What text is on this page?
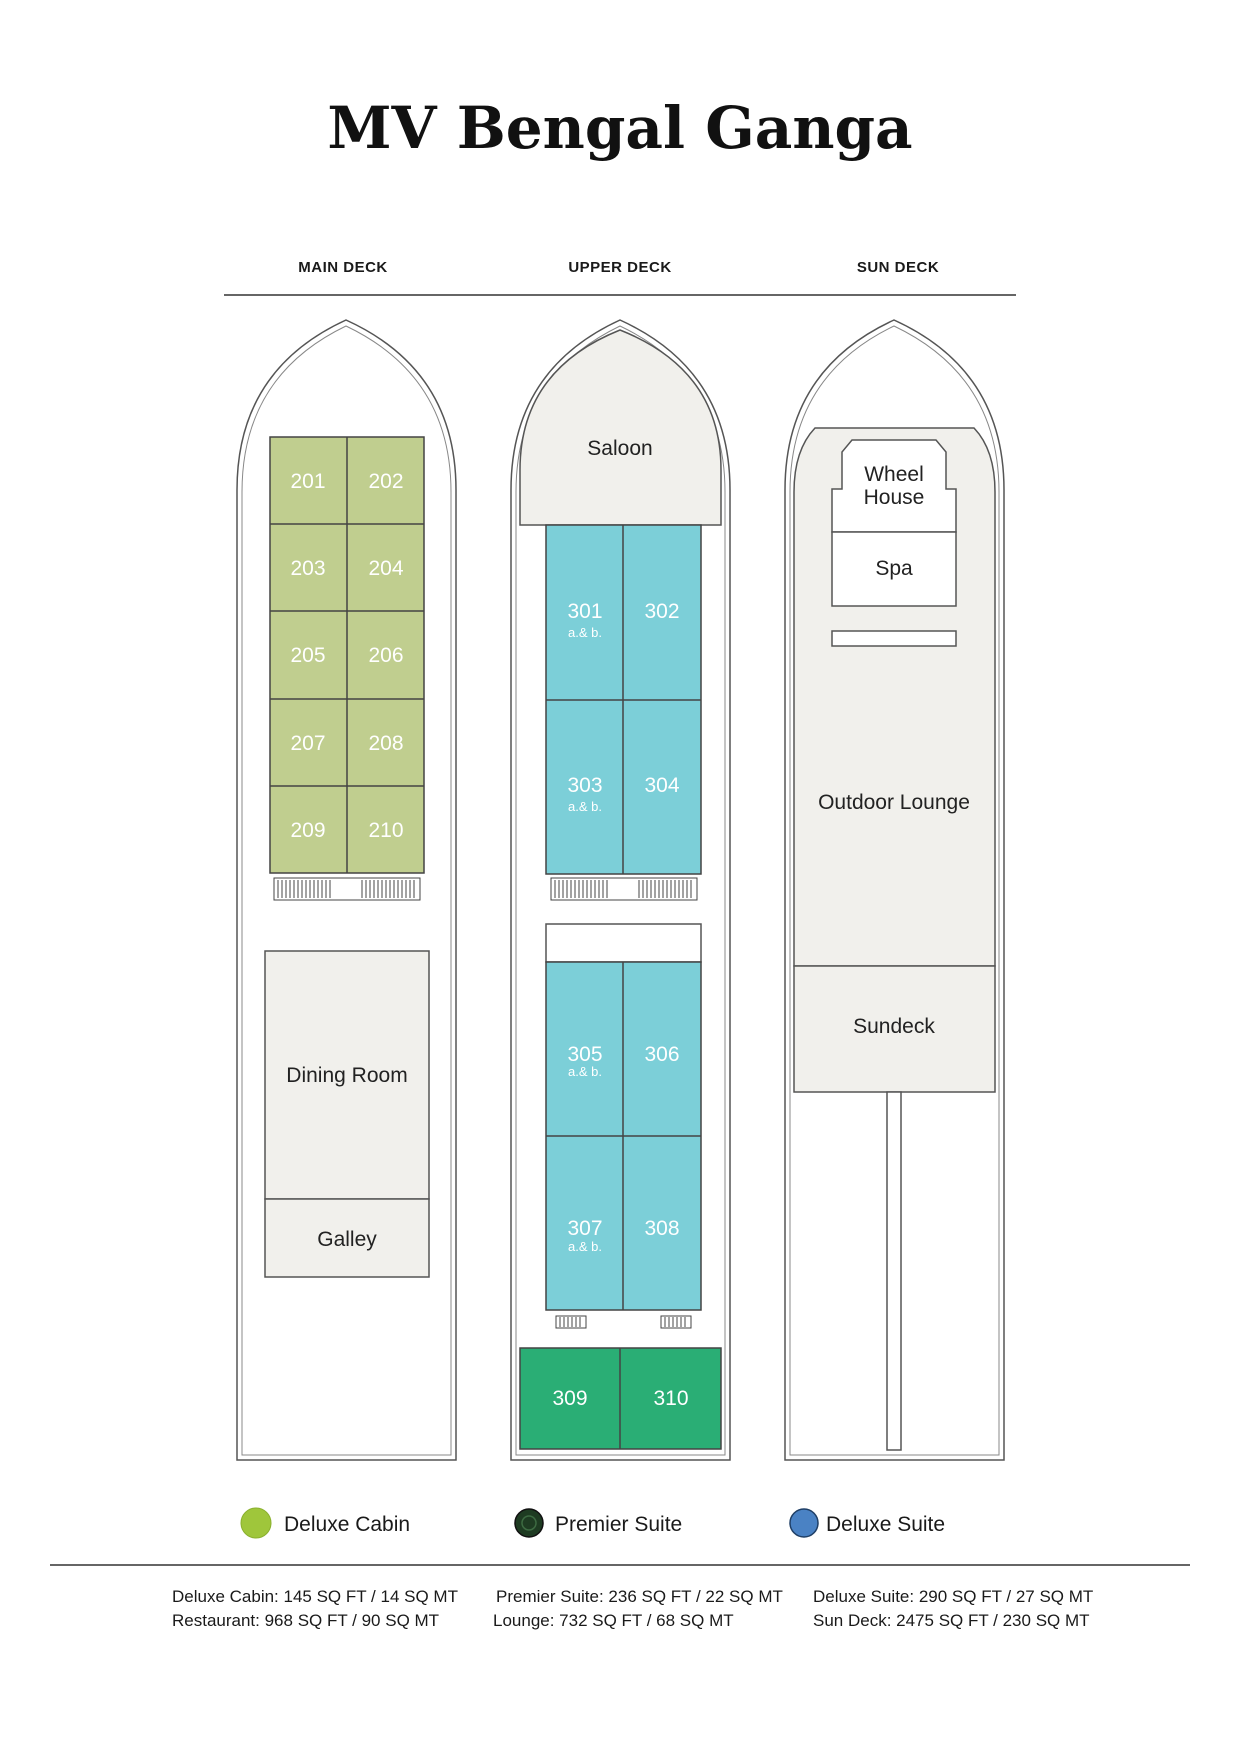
MV Bengal Ganga
MAIN DECK	UPPER DECK	SUN DECK
201 202
203 204
205 206
207 208
209 210
Dining Room
Galley
Saloon
301
a.& b.
302
303
a.& b.
304
305
a.& b.
306
307
a.& b.
308
309	310
Outdoor Lounge
Wheel
House
Spa
Sundeck
Deluxe Cabin	Premier Suite	Deluxe Suite
Deluxe Cabin: 145 SQ FT / 14 SQ MT Premier Suite: 236 SQ FT / 22 SQ MT Deluxe Suite: 290 SQ FT / 27 SQ MT
Restaurant: 968 SQ FT / 90 SQ MT	Lounge: 732 SQ FT / 68 SQ MT	Sun Deck: 2475 SQ FT / 230 SQ MT
